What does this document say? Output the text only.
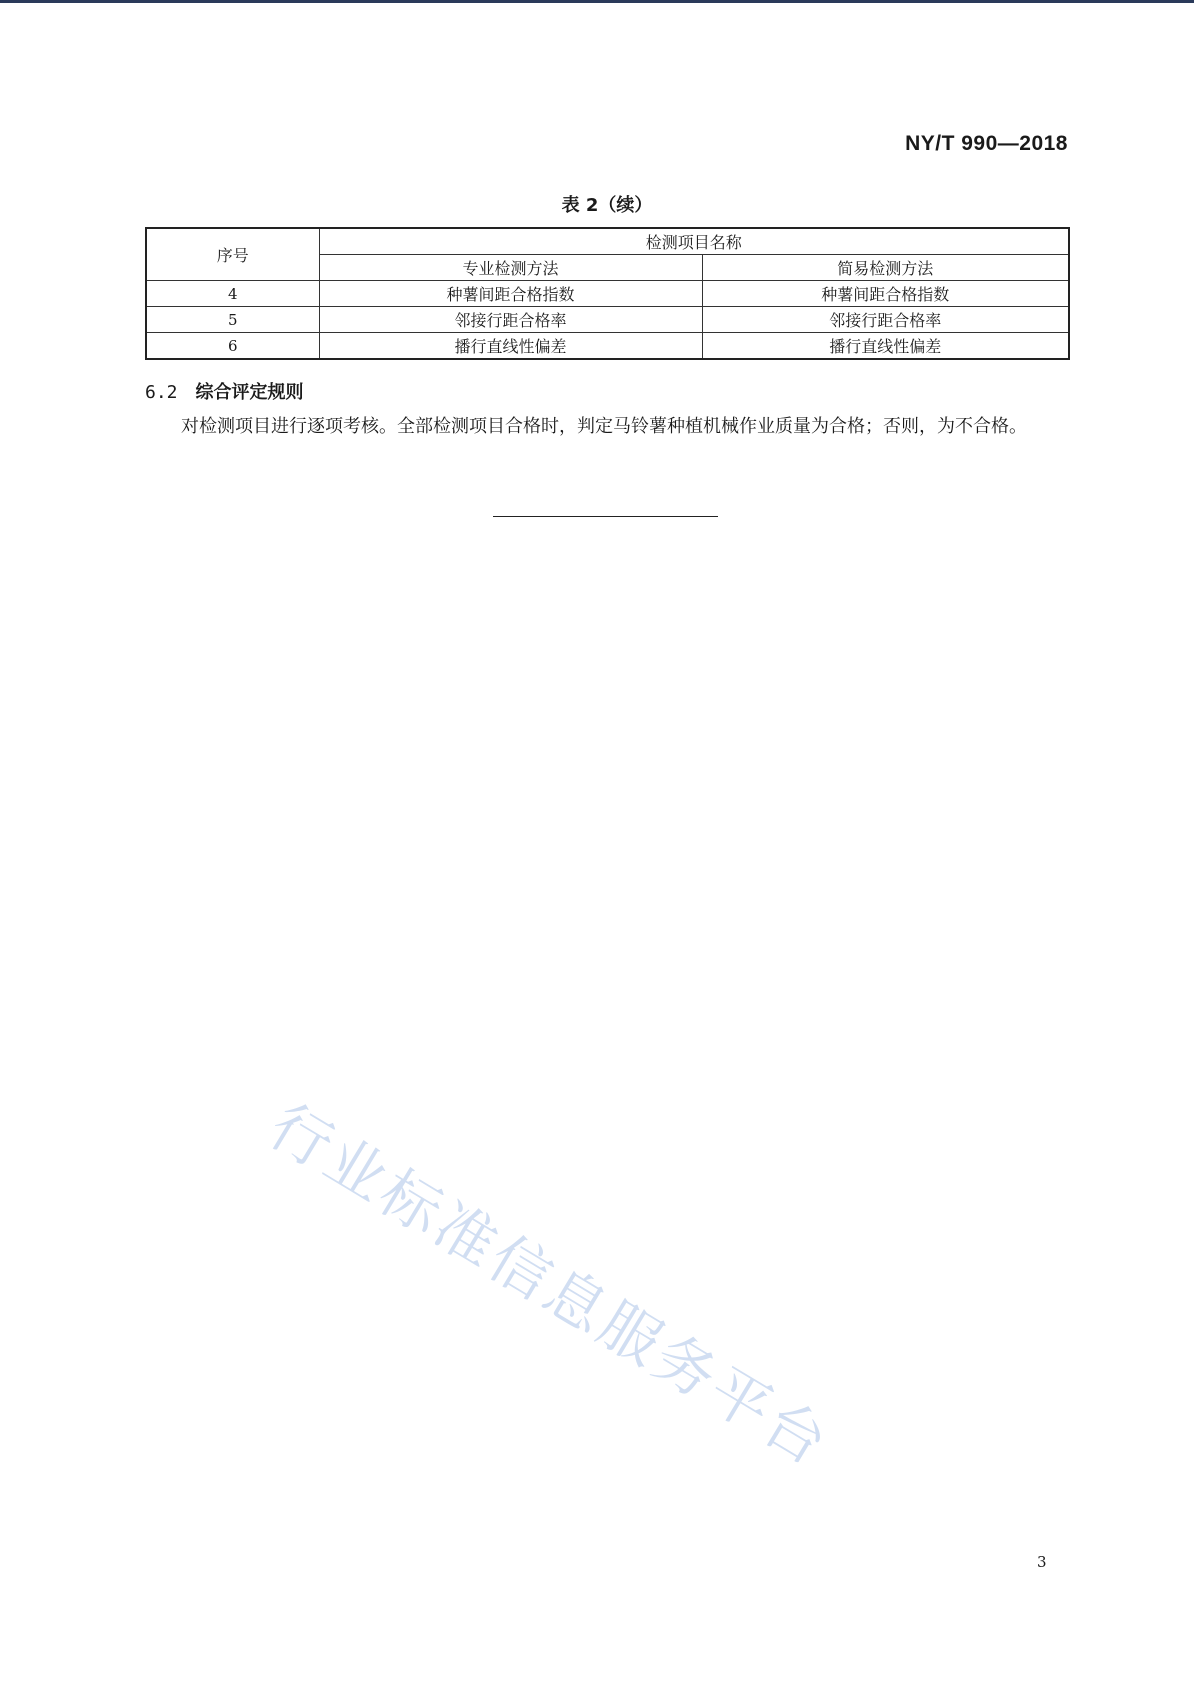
NY/T 990—2018
表 2（续）
序号	检测项目名称	
	专业检测方法	简易检测方法
4	种薯间距合格指数	种薯间距合格指数
5	邻接行距合格率	邻接行距合格率
6	播行直线性偏差	播行直线性偏差
6.2 综合评定规则
对检测项目进行逐项考核。全部检测项目合格时，判定马铃薯种植机械作业质量为合格；否则，为不合格。
行业标准信息服务平台
3
